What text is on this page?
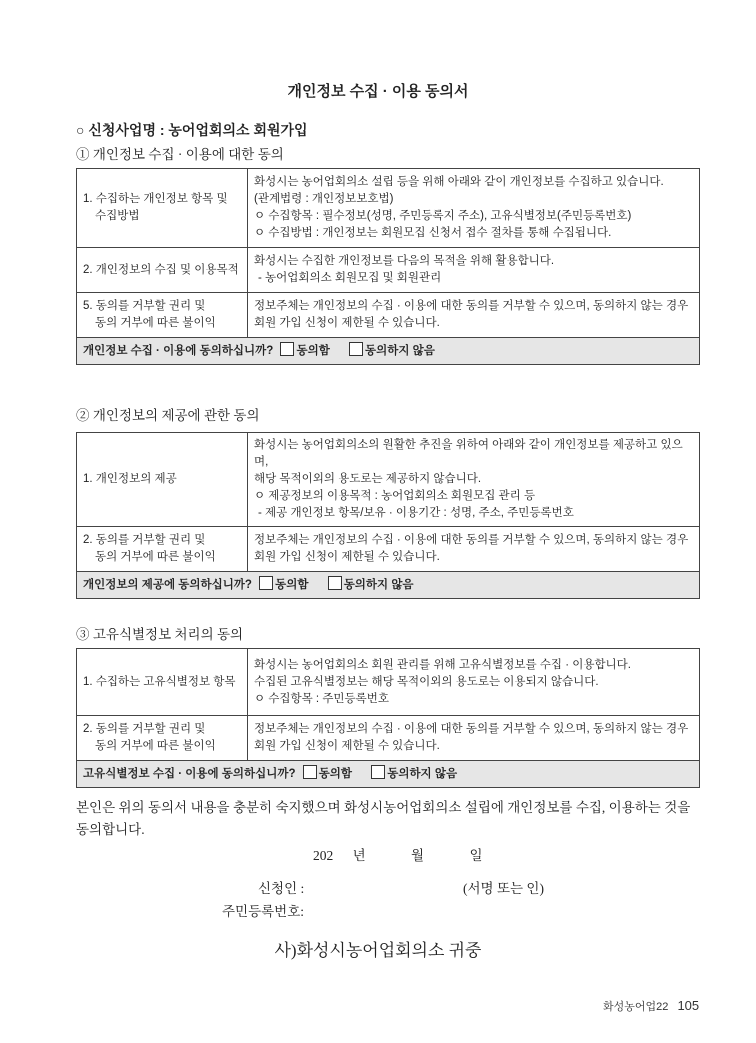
개인정보 수집 · 이용 동의서
○ 신청사업명 : 농어업회의소 회원가입
① 개인정보 수집 · 이용에 대한 동의
1. 수집하는 개인정보 항목 및
수집방법	화성시는 농어업회의소 설립 등을 위해 아래와 같이 개인정보를 수집하고 있습니다.
(관계법령 : 개인정보보호법)
ㅇ 수집항목 : 필수정보(성명, 주민등록지 주소), 고유식별정보(주민등록번호)
ㅇ 수집방법 : 개인정보는 회원모집 신청서 접수 절차를 통해 수집됩니다.

2. 개인정보의 수집 및 이용목적	화성시는 수집한 개인정보를 다음의 목적을 위해 활용합니다.
- 농어업회의소 회원모집 및 회원관리

5. 동의를 거부할 권리 및
동의 거부에 따른 불이익	정보주체는 개인정보의 수집 · 이용에 대한 동의를 거부할 수 있으며, 동의하지 않는 경우
회원 가입 신청이 제한될 수 있습니다.

개인정보 수집 · 이용에 동의하십니까? 동의함 동의하지 않음	
② 개인정보의 제공에 관한 동의
1. 개인정보의 제공	화성시는 농어업회의소의 원활한 추진을 위하여 아래와 같이 개인정보를 제공하고 있으며,
해당 목적이외의 용도로는 제공하지 않습니다.
ㅇ 제공정보의 이용목적 : 농어업회의소 회원모집 관리 등
- 제공 개인정보 항목/보유 · 이용기간 : 성명, 주소, 주민등록번호

2. 동의를 거부할 권리 및
동의 거부에 따른 불이익	정보주체는 개인정보의 수집 · 이용에 대한 동의를 거부할 수 있으며, 동의하지 않는 경우
회원 가입 신청이 제한될 수 있습니다.

개인정보의 제공에 동의하십니까? 동의함 동의하지 않음	
③ 고유식별정보 처리의 동의
1. 수집하는 고유식별정보 항목	화성시는 농어업회의소 회원 관리를 위해 고유식별정보를 수집 · 이용합니다.
수집된 고유식별정보는 해당 목적이외의 용도로는 이용되지 않습니다.
ㅇ 수집항목 : 주민등록번호

2. 동의를 거부할 권리 및
동의 거부에 따른 불이익	정보주체는 개인정보의 수집 · 이용에 대한 동의를 거부할 수 있으며, 동의하지 않는 경우
회원 가입 신청이 제한될 수 있습니다.

고유식별정보 수집 · 이용에 동의하십니까? 동의함 동의하지 않음	
본인은 위의 동의서 내용을 충분히 숙지했으며 화성시농어업회의소 설립에 개인정보를 수집, 이용하는 것을 동의합니다.
202 년	월	일
신청인 :	(서명 또는 인)
주민등록번호:
사)화성시농어업회의소 귀중
화성농어업22 105
